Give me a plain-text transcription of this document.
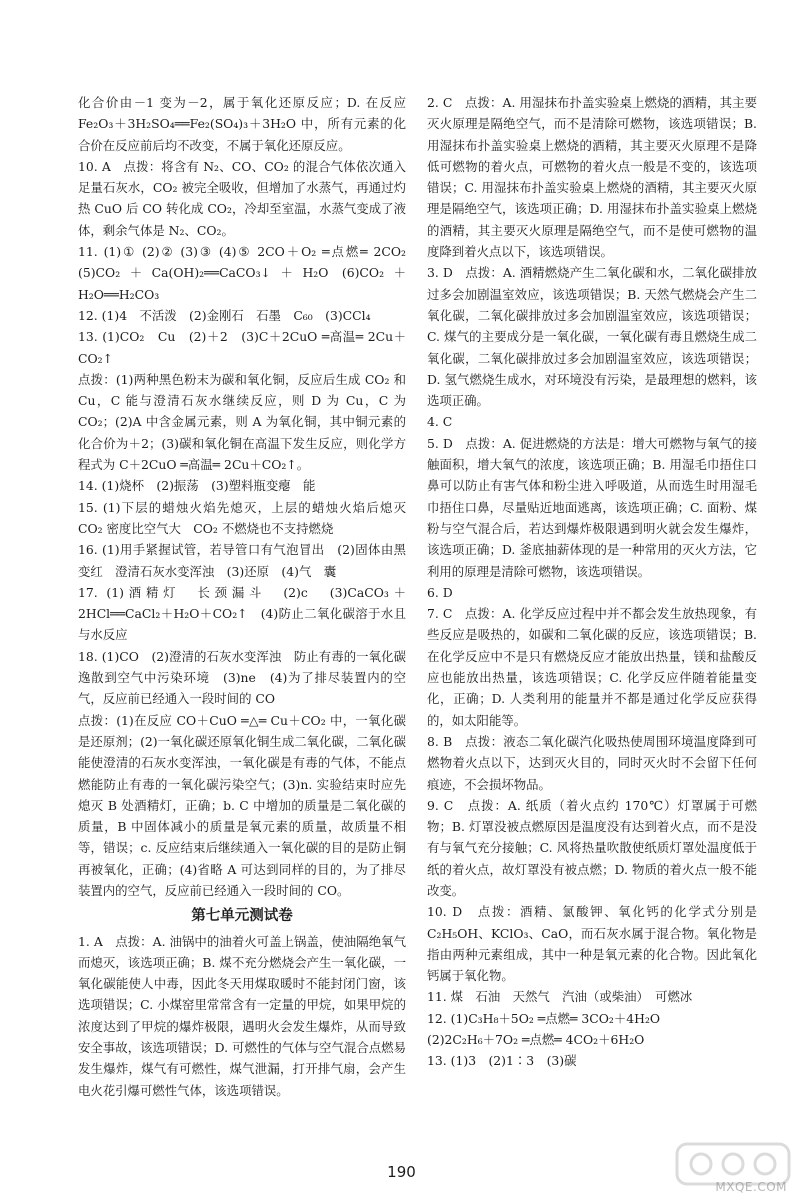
化合价由－1 变为－2，属于氧化还原反应；D. 在反应 Fe₂O₃＋3H₂SO₄══Fe₂(SO₄)₃＋3H₂O 中，所有元素的化合价在反应前后均不改变，不属于氧化还原反应。

10. A　点拨：将含有 N₂、CO、CO₂ 的混合气体依次通入足量石灰水，CO₂ 被完全吸收，但增加了水蒸气，再通过灼热 CuO 后 CO 转化成 CO₂，冷却至室温，水蒸气变成了液体，剩余气体是 N₂、CO₂。

11. (1)① (2)② (3)③ (4)⑤ 2CO＋O₂ ═点燃═ 2CO₂ (5)CO₂＋Ca(OH)₂══CaCO₃↓＋H₂O (6)CO₂＋H₂O══H₂CO₃

12. (1)4　不活泼　(2)金刚石　石墨　C₆₀　(3)CCl₄

13. (1)CO₂　Cu　(2)＋2　(3)C＋2CuO ═高温═ 2Cu＋CO₂↑

点拨：(1)两种黑色粉末为碳和氧化铜，反应后生成 CO₂ 和 Cu，C 能与澄清石灰水继续反应，则 D 为 Cu，C 为 CO₂；(2)A 中含金属元素，则 A 为氧化铜，其中铜元素的化合价为＋2；(3)碳和氧化铜在高温下发生反应，则化学方程式为 C＋2CuO ═高温═ 2Cu＋CO₂↑。

14. (1)烧杯　(2)振荡　(3)塑料瓶变瘪　能

15. (1)下层的蜡烛火焰先熄灭，上层的蜡烛火焰后熄灭　CO₂ 密度比空气大　CO₂ 不燃烧也不支持燃烧

16. (1)用手紧握试管，若导管口有气泡冒出　(2)固体由黑变红　澄清石灰水变浑浊　(3)还原　(4)气　囊

17. (1)酒精灯　长颈漏斗　(2)c　(3)CaCO₃＋2HCl══CaCl₂＋H₂O＋CO₂↑　(4)防止二氧化碳溶于水且与水反应

18. (1)CO　(2)澄清的石灰水变浑浊　防止有毒的一氧化碳逸散到空气中污染环境　(3)ne　(4)为了排尽装置内的空气，反应前已经通入一段时间的 CO

点拨：(1)在反应 CO＋CuO ═△═ Cu＋CO₂ 中，一氧化碳是还原剂；(2)一氧化碳还原氧化铜生成二氧化碳，二氧化碳能使澄清的石灰水变浑浊，一氧化碳是有毒的气体，不能点燃能防止有毒的一氧化碳污染空气；(3)n. 实验结束时应先熄灭 B 处酒精灯，正确；b. C 中增加的质量是二氧化碳的质量，B 中固体减小的质量是氧元素的质量，故质量不相等，错误；c. 反应结束后继续通入一氧化碳的目的是防止铜再被氧化，正确；(4)省略 A 可达到同样的目的，为了排尽装置内的空气，反应前已经通入一段时间的 CO。

第七单元测试卷

1. A　点拨：A. 油锅中的油着火可盖上锅盖，使油隔绝氧气而熄灭，该选项正确；B. 煤不充分燃烧会产生一氧化碳，一氧化碳能使人中毒，因此冬天用煤取暖时不能封闭门窗，该选项错误；C. 小煤窑里常常含有一定量的甲烷，如果甲烷的浓度达到了甲烷的爆炸极限，遇明火会发生爆炸，从而导致安全事故，该选项错误；D. 可燃性的气体与空气混合点燃易发生爆炸，煤气有可燃性，煤气泄漏，打开排气扇，会产生电火花引爆可燃性气体，该选项错误。

2. C　点拨：A. 用湿抹布扑盖实验桌上燃烧的酒精，其主要灭火原理是隔绝空气，而不是清除可燃物，该选项错误；B. 用湿抹布扑盖实验桌上燃烧的酒精，其主要灭火原理不是降低可燃物的着火点，可燃物的着火点一般是不变的，该选项错误；C. 用湿抹布扑盖实验桌上燃烧的酒精，其主要灭火原理是隔绝空气，该选项正确；D. 用湿抹布扑盖实验桌上燃烧的酒精，其主要灭火原理是隔绝空气，而不是使可燃物的温度降到着火点以下，该选项错误。

3. D　点拨：A. 酒精燃烧产生二氧化碳和水，二氧化碳排放过多会加剧温室效应，该选项错误；B. 天然气燃烧会产生二氧化碳，二氧化碳排放过多会加剧温室效应，该选项错误；C. 煤气的主要成分是一氧化碳，一氧化碳有毒且燃烧生成二氧化碳，二氧化碳排放过多会加剧温室效应，该选项错误；D. 氢气燃烧生成水，对环境没有污染，是最理想的燃料，该选项正确。

4. C

5. D　点拨：A. 促进燃烧的方法是：增大可燃物与氧气的接触面积，增大氧气的浓度，该选项正确；B. 用湿毛巾捂住口鼻可以防止有害气体和粉尘进入呼吸道，从而选生时用湿毛巾捂住口鼻，尽量贴近地面逃离，该选项正确；C. 面粉、煤粉与空气混合后，若达到爆炸极限遇到明火就会发生爆炸，该选项正确；D. 釜底抽薪体现的是一种常用的灭火方法，它利用的原理是清除可燃物，该选项错误。

6. D

7. C　点拨：A. 化学反应过程中并不都会发生放热现象，有些反应是吸热的，如碳和二氧化碳的反应，该选项错误；B. 在化学反应中不是只有燃烧反应才能放出热量，镁和盐酸反应也能放出热量，该选项错误；C. 化学反应伴随着能量变化，正确；D. 人类利用的能量并不都是通过化学反应获得的，如太阳能等。

8. B　点拨：液态二氧化碳汽化吸热使周围环境温度降到可燃物着火点以下，达到灭火目的，同时灭火时不会留下任何痕迹，不会损坏物品。

9. C　点拨：A. 纸质（着火点约 170℃）灯罩属于可燃物；B. 灯罩没被点燃原因是温度没有达到着火点，而不是没有与氧气充分接触；C. 风将热量吹散使纸质灯罩处温度低于纸的着火点，故灯罩没有被点燃；D. 物质的着火点一般不能改变。

10. D　点拨：酒精、氯酸钾、氧化钙的化学式分别是 C₂H₅OH、KClO₃、CaO，而石灰水属于混合物。氧化物是指由两种元素组成，其中一种是氧元素的化合物。因此氧化钙属于氧化物。

11. 煤　石油　天然气　汽油（或柴油）　可燃冰

12. (1)C₃H₈＋5O₂ ═点燃═ 3CO₂＋4H₂O

(2)2C₂H₆＋7O₂ ═点燃═ 4CO₂＋6H₂O

13. (1)3　(2)1∶3　(3)碳

190
MXQE.COM
